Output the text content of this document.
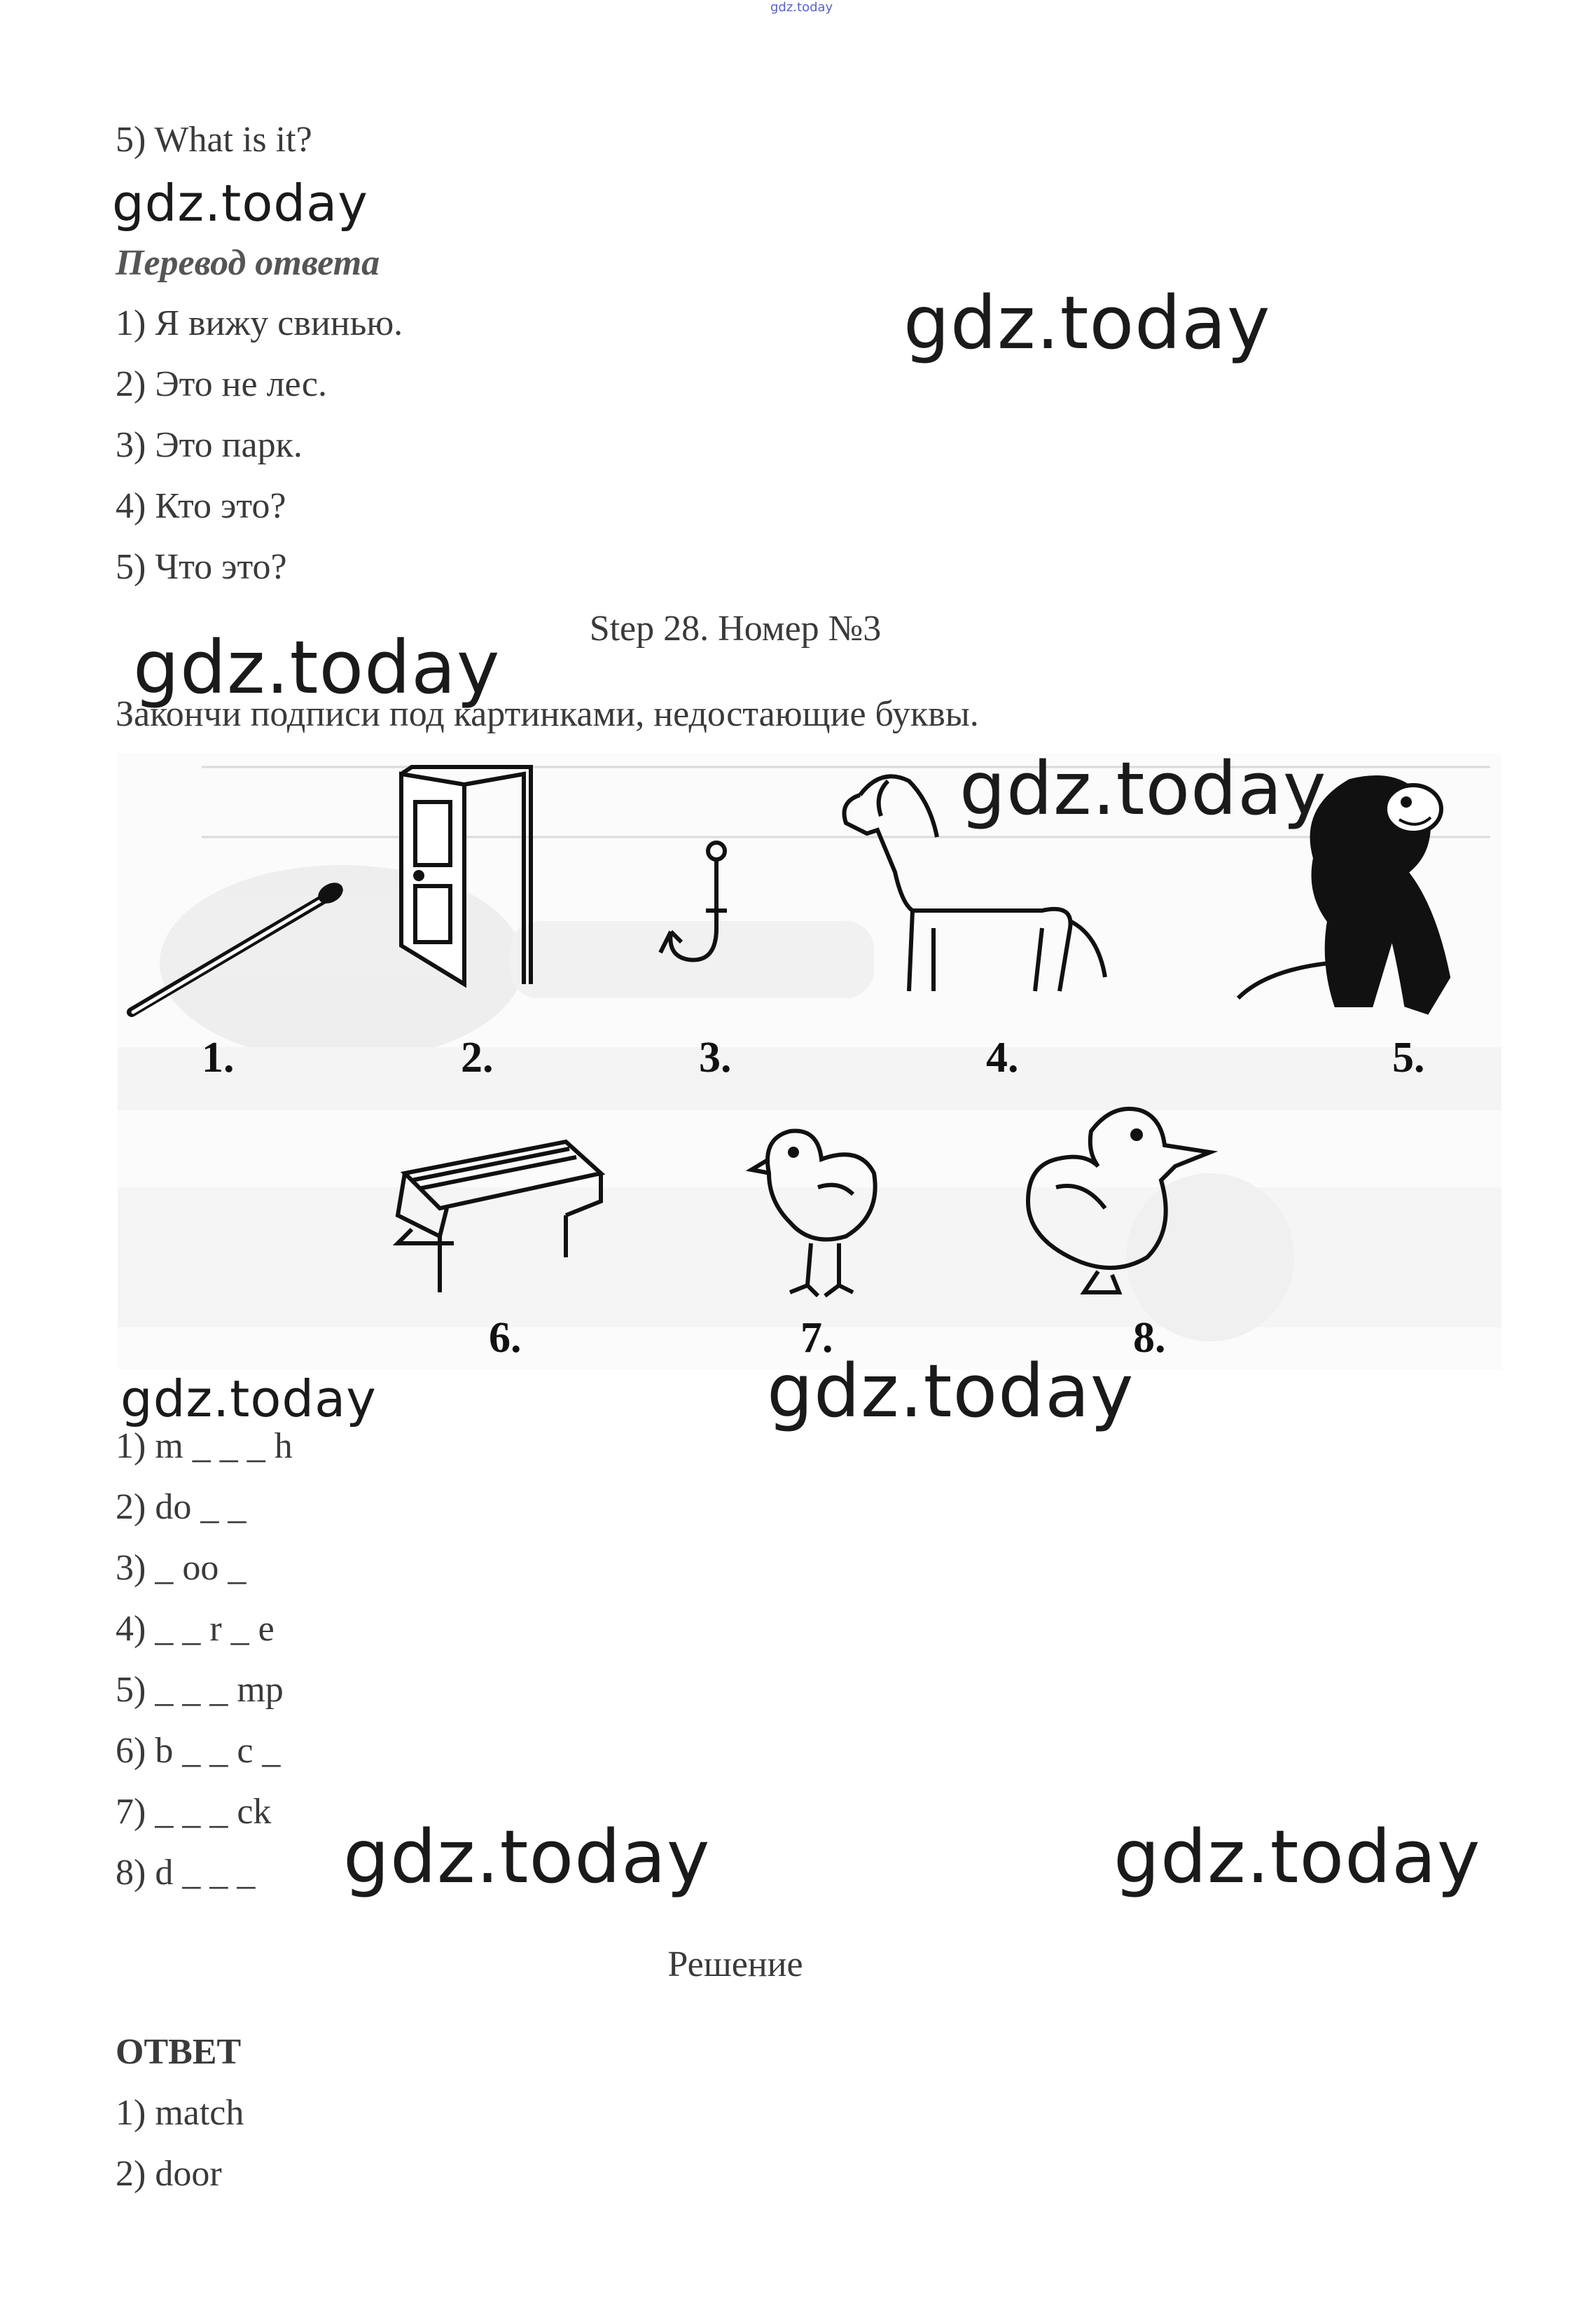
gdz.today
5) What is it?
gdz.today
Перевод ответа
gdz.today
1) Я вижу свинью.
2) Это не лес.
3) Это парк.
4) Кто это?
5) Что это?
Step 28. Номер №3
gdz.today
Закончи подписи под картинками, недостающие буквы.
1.	2.	3.	4.	5.
6.	7.	8.
gdz.today
gdz.today
gdz.today
1) m _ _ _ h
2) do _ _
3) _ oo _
4) _ _ r _ e
5) _ _ _ mp
6) b _ _ c _
7) _ _ _ ck
8) d _ _ _ gdz.today	gdz.today
Решение
ОТВЕТ
1) match
2) door
